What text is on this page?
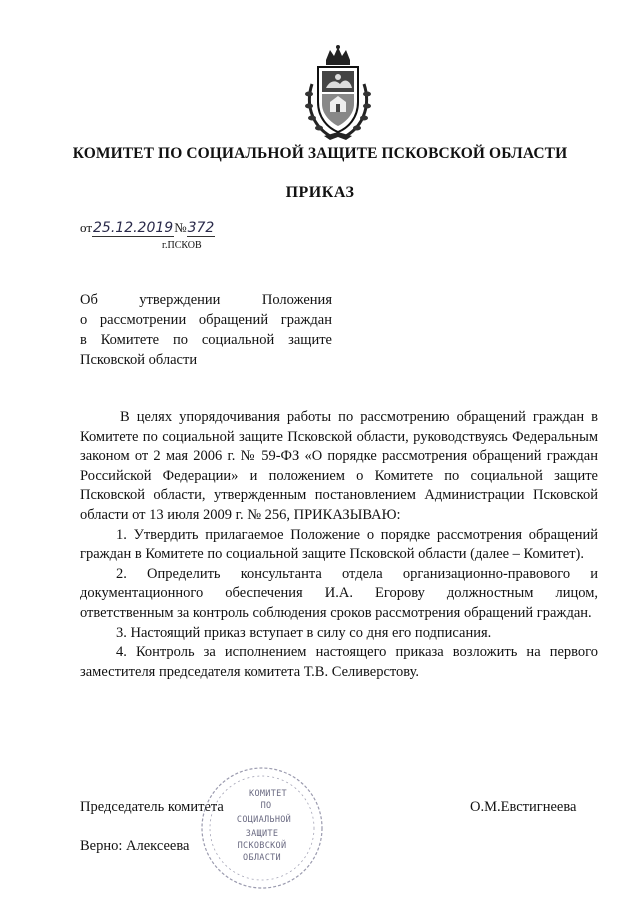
КОМИТЕТ ПО СОЦИАЛЬНОЙ ЗАЩИТЕ ПСКОВСКОЙ ОБЛАСТИ
ПРИКАЗ
от25.12.2019№372
г.ПСКОВ
Об утверждении Положения
о рассмотрении обращений граждан
в Комитете по социальной защите
Псковской области

В целях упорядочивания работы по рассмотрению обращений граждан в Комитете по социальной защите Псковской области, руководствуясь Федеральным законом от 2 мая 2006 г. № 59-ФЗ «О порядке рассмотрения обращений граждан Российской Федерации» и положением о Комитете по социальной защите Псковской области, утвержденным постановлением Администрации Псковской области от 13 июля 2009 г. № 256, ПРИКАЗЫВАЮ:

1. Утвердить прилагаемое Положение о порядке рассмотрения обращений граждан в Комитете по социальной защите Псковской области (далее – Комитет).

2. Определить консультанта отдела организационно-правового и документационного обеспечения И.А. Егорову должностным лицом, ответственным за контроль соблюдения сроков рассмотрения обращений граждан.

3. Настоящий приказ вступает в силу со дня его подписания.

4. Контроль за исполнением настоящего приказа возложить на первого заместителя председателя комитета Т.В. Селиверстову.

Председатель комитета	О.М.Евстигнеева
Верно: Алексеева
КОМИТЕТ
ПО
СОЦИАЛЬНОЙ
ЗАЩИТЕ
ПСКОВСКОЙ
ОБЛАСТИ
